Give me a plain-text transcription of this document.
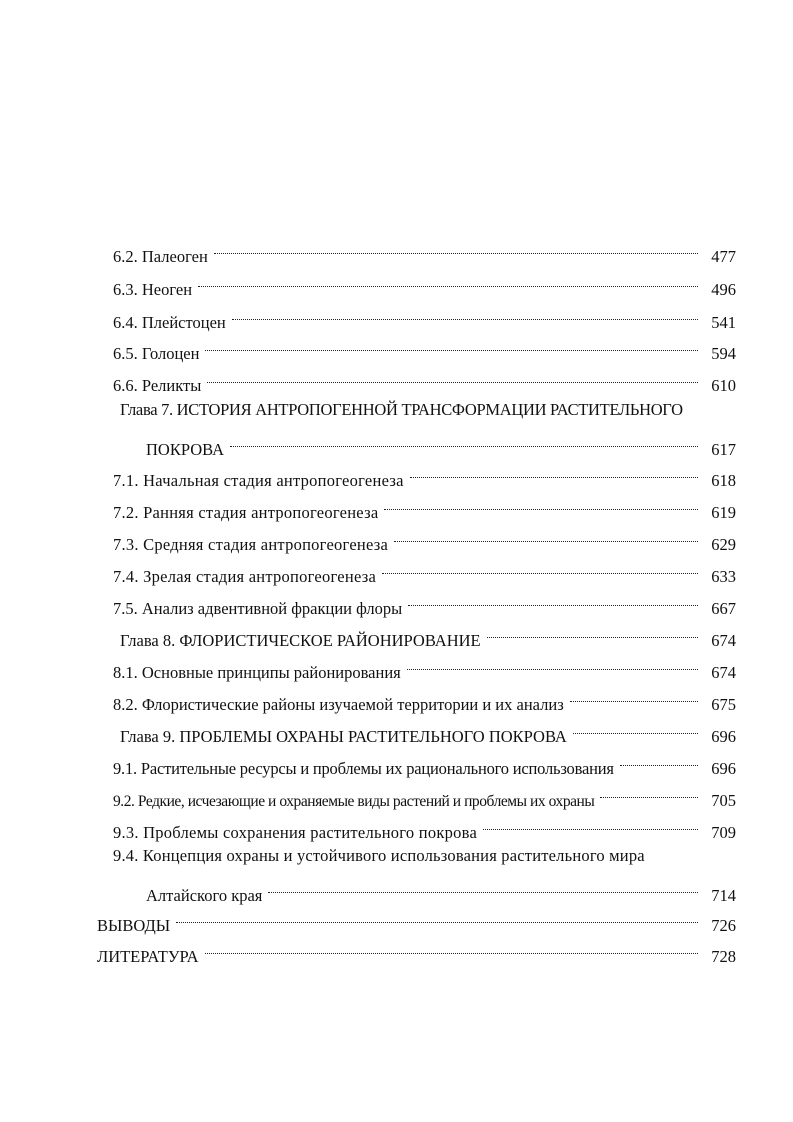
6.2. Палеоген	477
6.3. Неоген	496
6.4. Плейстоцен	541
6.5. Голоцен	594
6.6. Реликты	610
Глава 7. ИСТОРИЯ АНТРОПОГЕННОЙ ТРАНСФОРМАЦИИ РАСТИТЕЛЬНОГО
ПОКРОВА	617
7.1. Начальная стадия антропогеогенеза	618
7.2. Ранняя стадия антропогеогенеза	619
7.3. Средняя стадия антропогеогенеза	629
7.4. Зрелая стадия антропогеогенеза	633
7.5. Анализ адвентивной фракции флоры	667
Глава 8. ФЛОРИСТИЧЕСКОЕ РАЙОНИРОВАНИЕ	674
8.1. Основные принципы районирования	674
8.2. Флористические районы изучаемой территории и их анализ	675
Глава 9. ПРОБЛЕМЫ ОХРАНЫ РАСТИТЕЛЬНОГО ПОКРОВА	696
9.1. Растительные ресурсы и проблемы их рационального использования	696
9.2. Редкие, исчезающие и охраняемые виды растений и проблемы их охраны	705
9.3. Проблемы сохранения растительного покрова	709
9.4. Концепция охраны и устойчивого использования растительного мира
Алтайского края	714
ВЫВОДЫ	726
ЛИТЕРАТУРА	728
